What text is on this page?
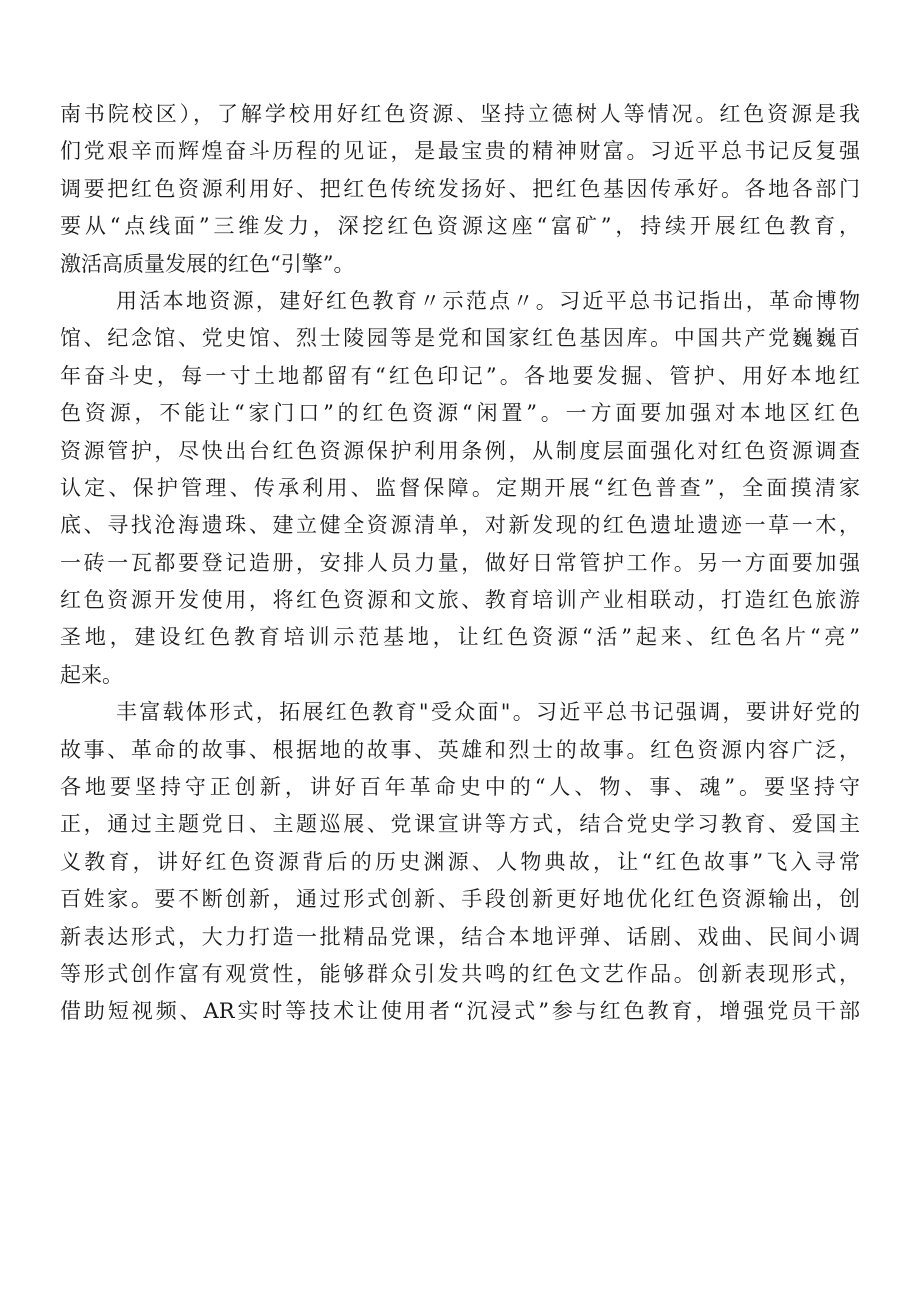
南书院校区），了解学校用好红色资源、坚持立德树人等情况。红色资源是我
们党艰辛而辉煌奋斗历程的见证，是最宝贵的精神财富。习近平总书记反复强
调要把红色资源利用好、把红色传统发扬好、把红色基因传承好。各地各部门
要从“点线面”三维发力，深挖红色资源这座“富矿”，持续开展红色教育，
激活高质量发展的红色“引擎”。
用活本地资源，建好红色教育〃示范点〃。习近平总书记指出，革命博物
馆、纪念馆、党史馆、烈士陵园等是党和国家红色基因库。中国共产党巍巍百
年奋斗史，每一寸土地都留有“红色印记”。各地要发掘、管护、用好本地红
色资源，不能让“家门口”的红色资源“闲置”。一方面要加强对本地区红色
资源管护，尽快出台红色资源保护利用条例，从制度层面强化对红色资源调查
认定、保护管理、传承利用、监督保障。定期开展“红色普查”，全面摸清家
底、寻找沧海遗珠、建立健全资源清单，对新发现的红色遗址遗迹一草一木，
一砖一瓦都要登记造册，安排人员力量，做好日常管护工作。另一方面要加强
红色资源开发使用，将红色资源和文旅、教育培训产业相联动，打造红色旅游
圣地，建设红色教育培训示范基地，让红色资源“活”起来、红色名片“亮”
起来。
丰富载体形式，拓展红色教育"受众面"。习近平总书记强调，要讲好党的
故事、革命的故事、根据地的故事、英雄和烈士的故事。红色资源内容广泛，
各地要坚持守正创新，讲好百年革命史中的“人、物、事、魂”。要坚持守
正，通过主题党日、主题巡展、党课宣讲等方式，结合党史学习教育、爱国主
义教育，讲好红色资源背后的历史渊源、人物典故，让“红色故事”飞入寻常
百姓家。要不断创新，通过形式创新、手段创新更好地优化红色资源输出，创
新表达形式，大力打造一批精品党课，结合本地评弹、话剧、戏曲、民间小调
等形式创作富有观赏性，能够群众引发共鸣的红色文艺作品。创新表现形式，
借助短视频、AR实时等技术让使用者“沉浸式”参与红色教育，增强党员干部
